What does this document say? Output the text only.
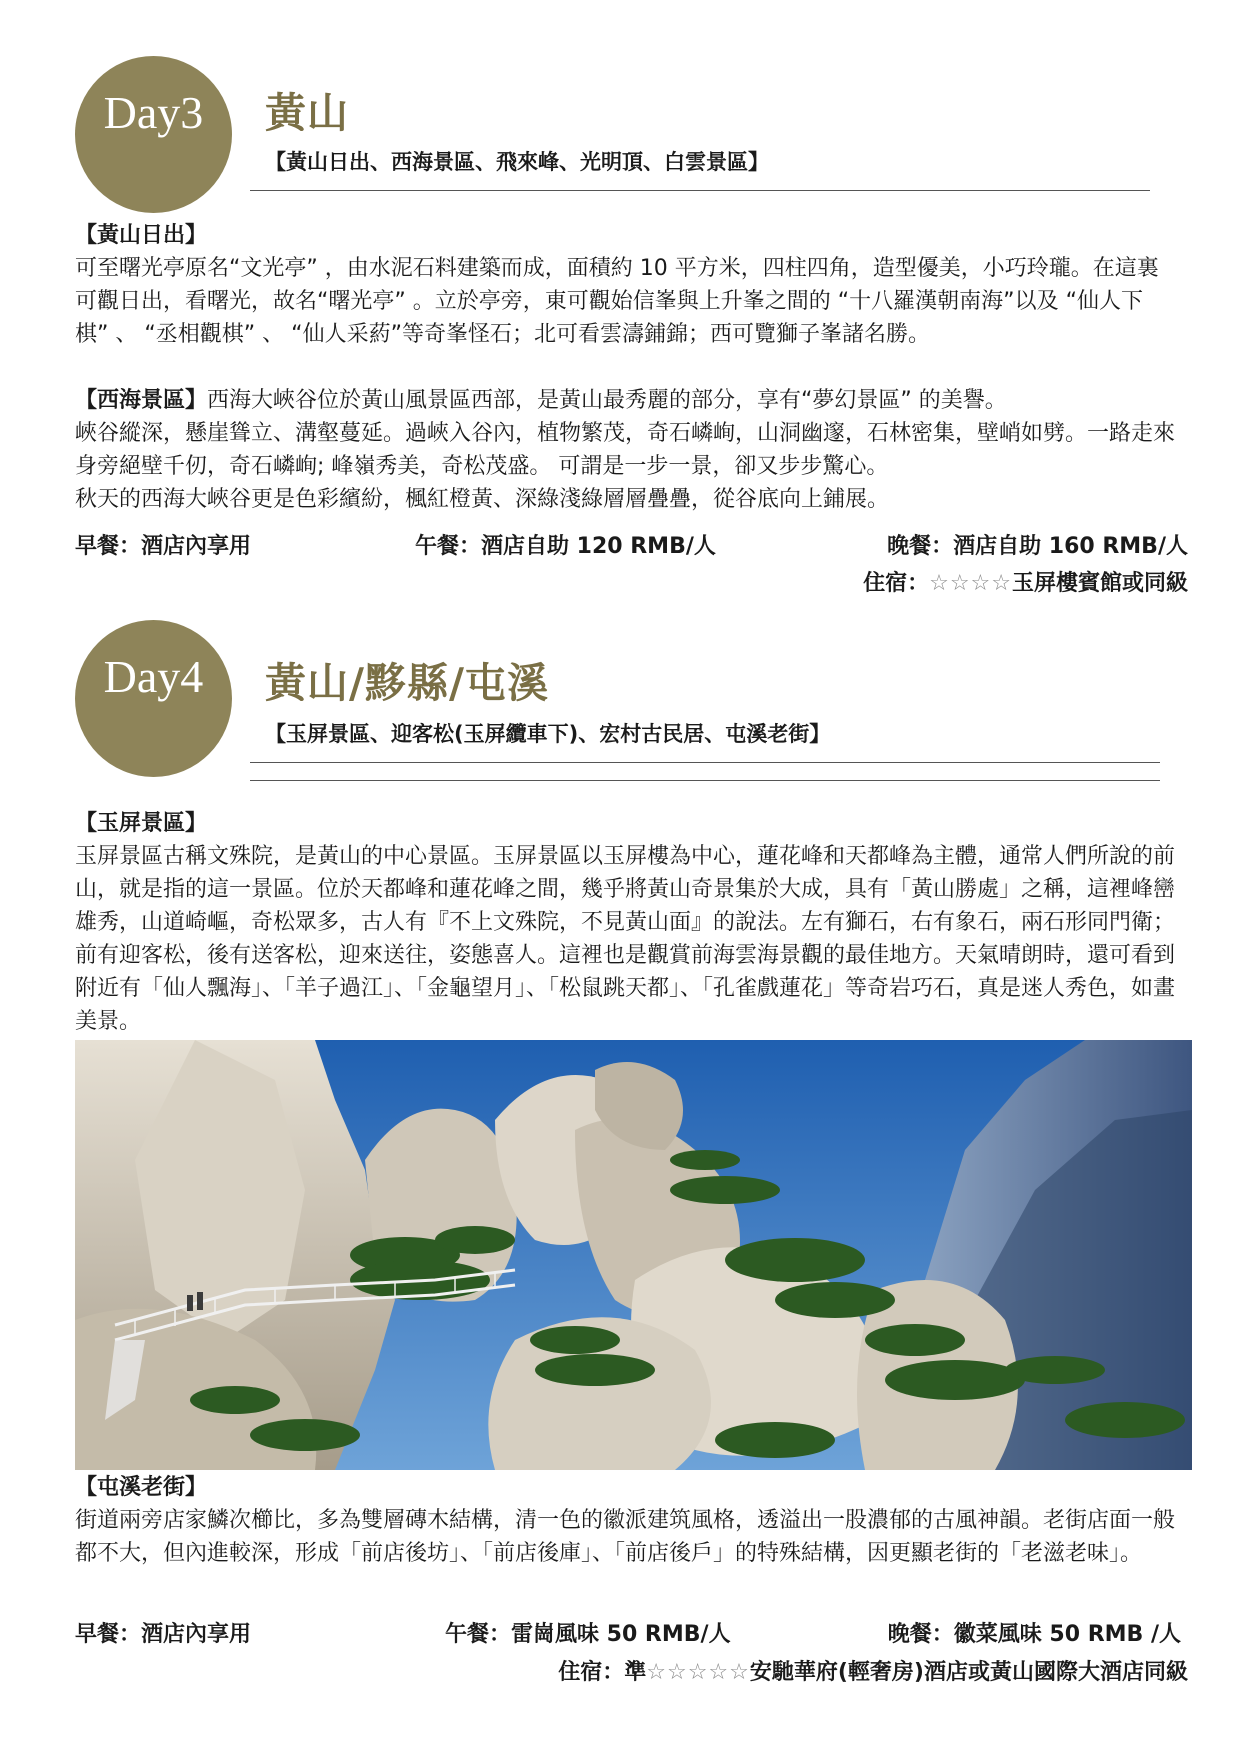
Day3 黃山

【黃山日出、西海景區、飛來峰、光明頂、白雲景區】

【黃山日出】

可至曙光亭原名“文光亭” ，由水泥石料建築而成，面積約 10 平方米，四柱四角，造型優美，小巧玲瓏。在這裏可觀日出，看曙光，故名“曙光亭” 。立於亭旁，東可觀始信峯與上升峯之間的 “十八羅漢朝南海”以及 “仙人下棋” 、 “丞相觀棋” 、 “仙人采葯”等奇峯怪石；北可看雲濤鋪錦；西可覽獅子峯諸名勝。

【西海景區】西海大峽谷位於黃山風景區西部，是黃山最秀麗的部分，享有“夢幻景區” 的美譽。
峽谷縱深，懸崖聳立、溝壑蔓延。過峽入谷內，植物繁茂，奇石嶙峋，山洞幽邃，石林密集，壁峭如劈。一路走來身旁絕壁千仞，奇石嶙峋; 峰嶺秀美，奇松茂盛。 可謂是一步一景，卻又步步驚心。
秋天的西海大峽谷更是色彩繽紛，楓紅橙黃、深綠淺綠層層疊疊，從谷底向上鋪展。

早餐：酒店內享用	午餐：酒店自助 120 RMB/人	晚餐：酒店自助 160 RMB/人

住宿：☆☆☆☆玉屏樓賓館或同級

Day4 黃山/黟縣/屯溪

【玉屏景區、迎客松(玉屏纜車下)、宏村古民居、屯溪老街】

【玉屏景區】

玉屏景區古稱文殊院，是黃山的中心景區。玉屏景區以玉屏樓為中心，蓮花峰和天都峰為主體，通常人們所說的前山，就是指的這一景區。位於天都峰和蓮花峰之間，幾乎將黃山奇景集於大成，具有「黃山勝處」之稱，這裡峰巒雄秀，山道崎嶇，奇松眾多，古人有『不上文殊院，不見黃山面』的說法。左有獅石，右有象石，兩石形同門衛；前有迎客松，後有送客松，迎來送往，姿態喜人。這裡也是觀賞前海雲海景觀的最佳地方。天氣晴朗時，還可看到附近有「仙人飄海」、「羊子過江」、「金龜望月」、「松鼠跳天都」、「孔雀戲蓮花」等奇岩巧石，真是迷人秀色，如畫美景。

【屯溪老街】

街道兩旁店家鱗次櫛比，多為雙層磚木結構，清一色的徽派建筑風格，透溢出一股濃郁的古風神韻。老街店面一般都不大，但內進較深，形成「前店後坊」、「前店後庫」、「前店後戶」的特殊結構，因更顯老街的「老滋老味」。

早餐：酒店內享用	午餐：雷崗風味 50 RMB/人	晚餐：徽菜風味 50 RMB /人

住宿：準☆☆☆☆☆安馳華府(輕奢房)酒店或黃山國際大酒店同級
